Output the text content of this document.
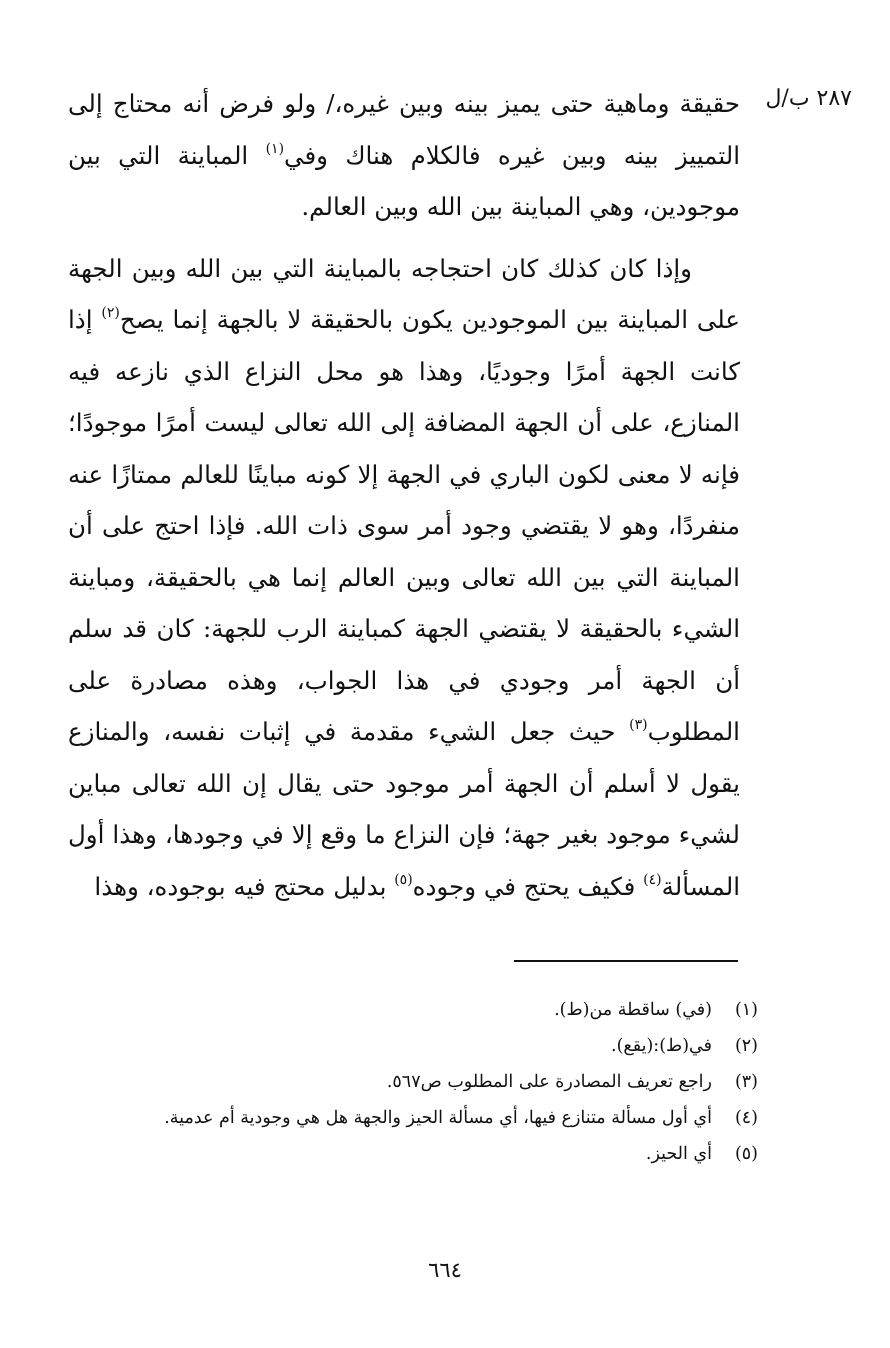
٢٨٧ ب/ل

حقيقة وماهية حتى يميز بينه وبين غيره،/ ولو فرض أنه محتاج إلى التمييز بينه وبين غيره فالكلام هناك وفي$^{(١)}$ المباينة التي بين موجودين، وهي المباينة بين الله وبين العالم.

وإذا كان كذلك كان احتجاجه بالمباينة التي بين الله وبين الجهة على المباينة بين الموجودين يكون بالحقيقة لا بالجهة إنما يصح$^{(٢)}$ إذا كانت الجهة أمرًا وجوديًا، وهذا هو محل النزاع الذي نازعه فيه المنازع، على أن الجهة المضافة إلى الله تعالى ليست أمرًا موجودًا؛ فإنه لا معنى لكون الباري في الجهة إلا كونه مباينًا للعالم ممتازًا عنه منفردًا، وهو لا يقتضي وجود أمر سوى ذات الله. فإذا احتج على أن المباينة التي بين الله تعالى وبين العالم إنما هي بالحقيقة، ومباينة الشيء بالحقيقة لا يقتضي الجهة كمباينة الرب للجهة: كان قد سلم أن الجهة أمر وجودي في هذا الجواب، وهذه مصادرة على المطلوب$^{(٣)}$ حيث جعل الشيء مقدمة في إثبات نفسه، والمنازع يقول لا أسلم أن الجهة أمر موجود حتى يقال إن الله تعالى مباين لشيء موجود بغير جهة؛ فإن النزاع ما وقع إلا في وجودها، وهذا أول المسألة$^{(٤)}$ فكيف يحتج في وجوده$^{(٥)}$ بدليل محتج فيه بوجوده، وهذا

(١)
(في) ساقطة من(ط).
(٢)
في(ط):(يقع).
(٣)
راجع تعريف المصادرة على المطلوب ص٥٦٧.
(٤)
أي أول مسألة متنازع فيها، أي مسألة الحيز والجهة هل هي وجودية أم عدمية.
(٥)
أي الحيز.
٦٦٤
